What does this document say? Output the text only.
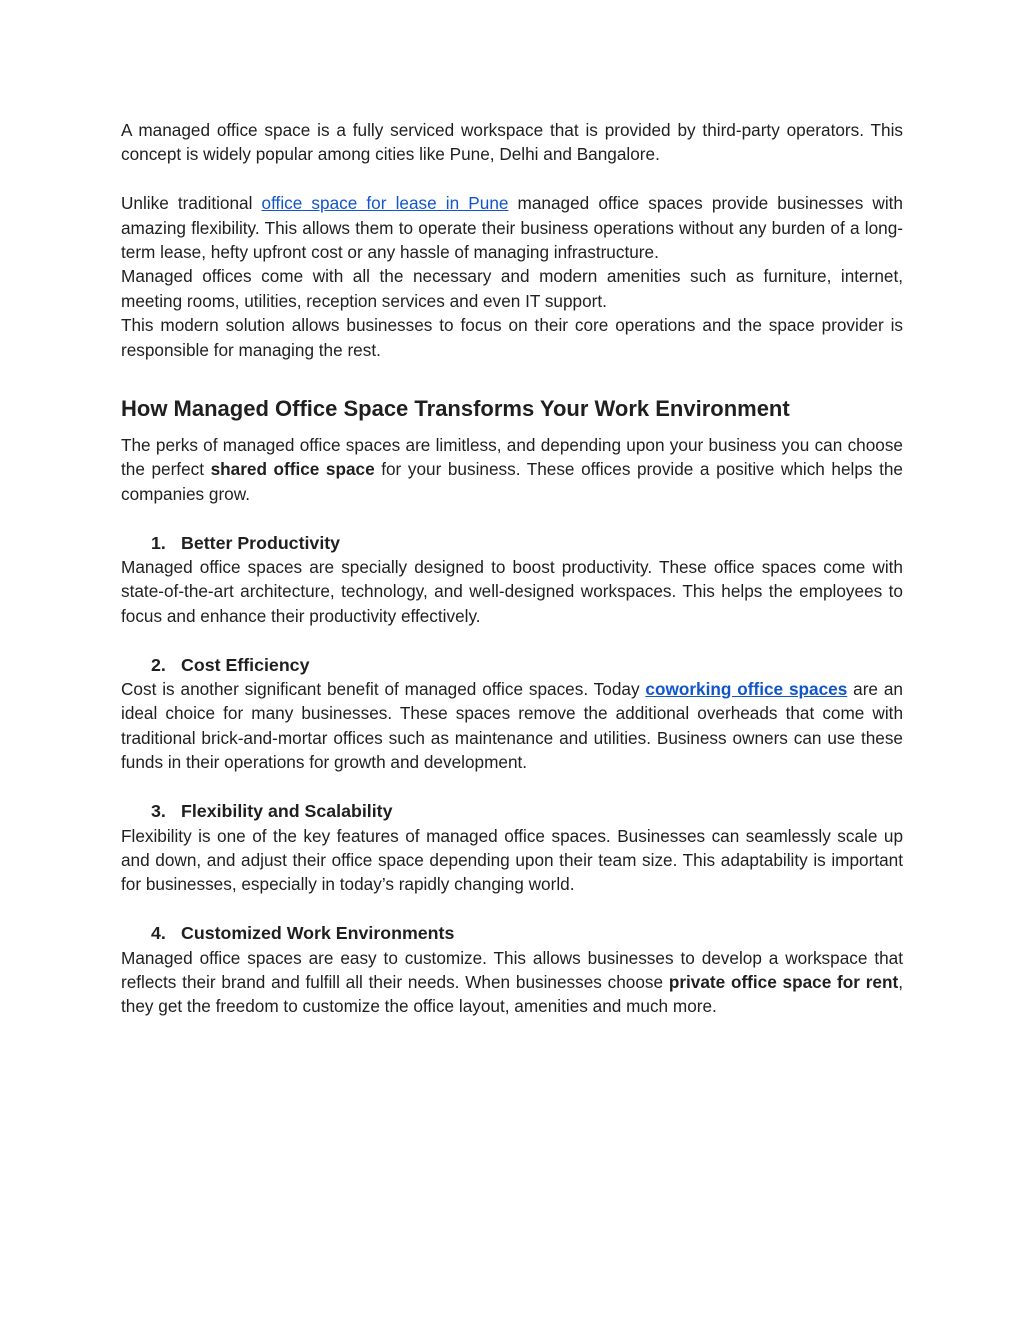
A managed office space is a fully serviced workspace that is provided by third-party operators. This concept is widely popular among cities like Pune, Delhi and Bangalore.

Unlike traditional office space for lease in Pune managed office spaces provide businesses with amazing flexibility. This allows them to operate their business operations without any burden of a long-term lease, hefty upfront cost or any hassle of managing infrastructure.

Managed offices come with all the necessary and modern amenities such as furniture, internet, meeting rooms, utilities, reception services and even IT support.

This modern solution allows businesses to focus on their core operations and the space provider is responsible for managing the rest.

How Managed Office Space Transforms Your Work Environment

The perks of managed office spaces are limitless, and depending upon your business you can choose the perfect shared office space for your business. These offices provide a positive which helps the companies grow.

1. Better Productivity

Managed office spaces are specially designed to boost productivity. These office spaces come with state-of-the-art architecture, technology, and well-designed workspaces. This helps the employees to focus and enhance their productivity effectively.

2. Cost Efficiency

Cost is another significant benefit of managed office spaces. Today coworking office spaces are an ideal choice for many businesses. These spaces remove the additional overheads that come with traditional brick-and-mortar offices such as maintenance and utilities. Business owners can use these funds in their operations for growth and development.

3. Flexibility and Scalability

Flexibility is one of the key features of managed office spaces. Businesses can seamlessly scale up and down, and adjust their office space depending upon their team size. This adaptability is important for businesses, especially in today’s rapidly changing world.

4. Customized Work Environments

Managed office spaces are easy to customize. This allows businesses to develop a workspace that reflects their brand and fulfill all their needs. When businesses choose private office space for rent, they get the freedom to customize the office layout, amenities and much more.
